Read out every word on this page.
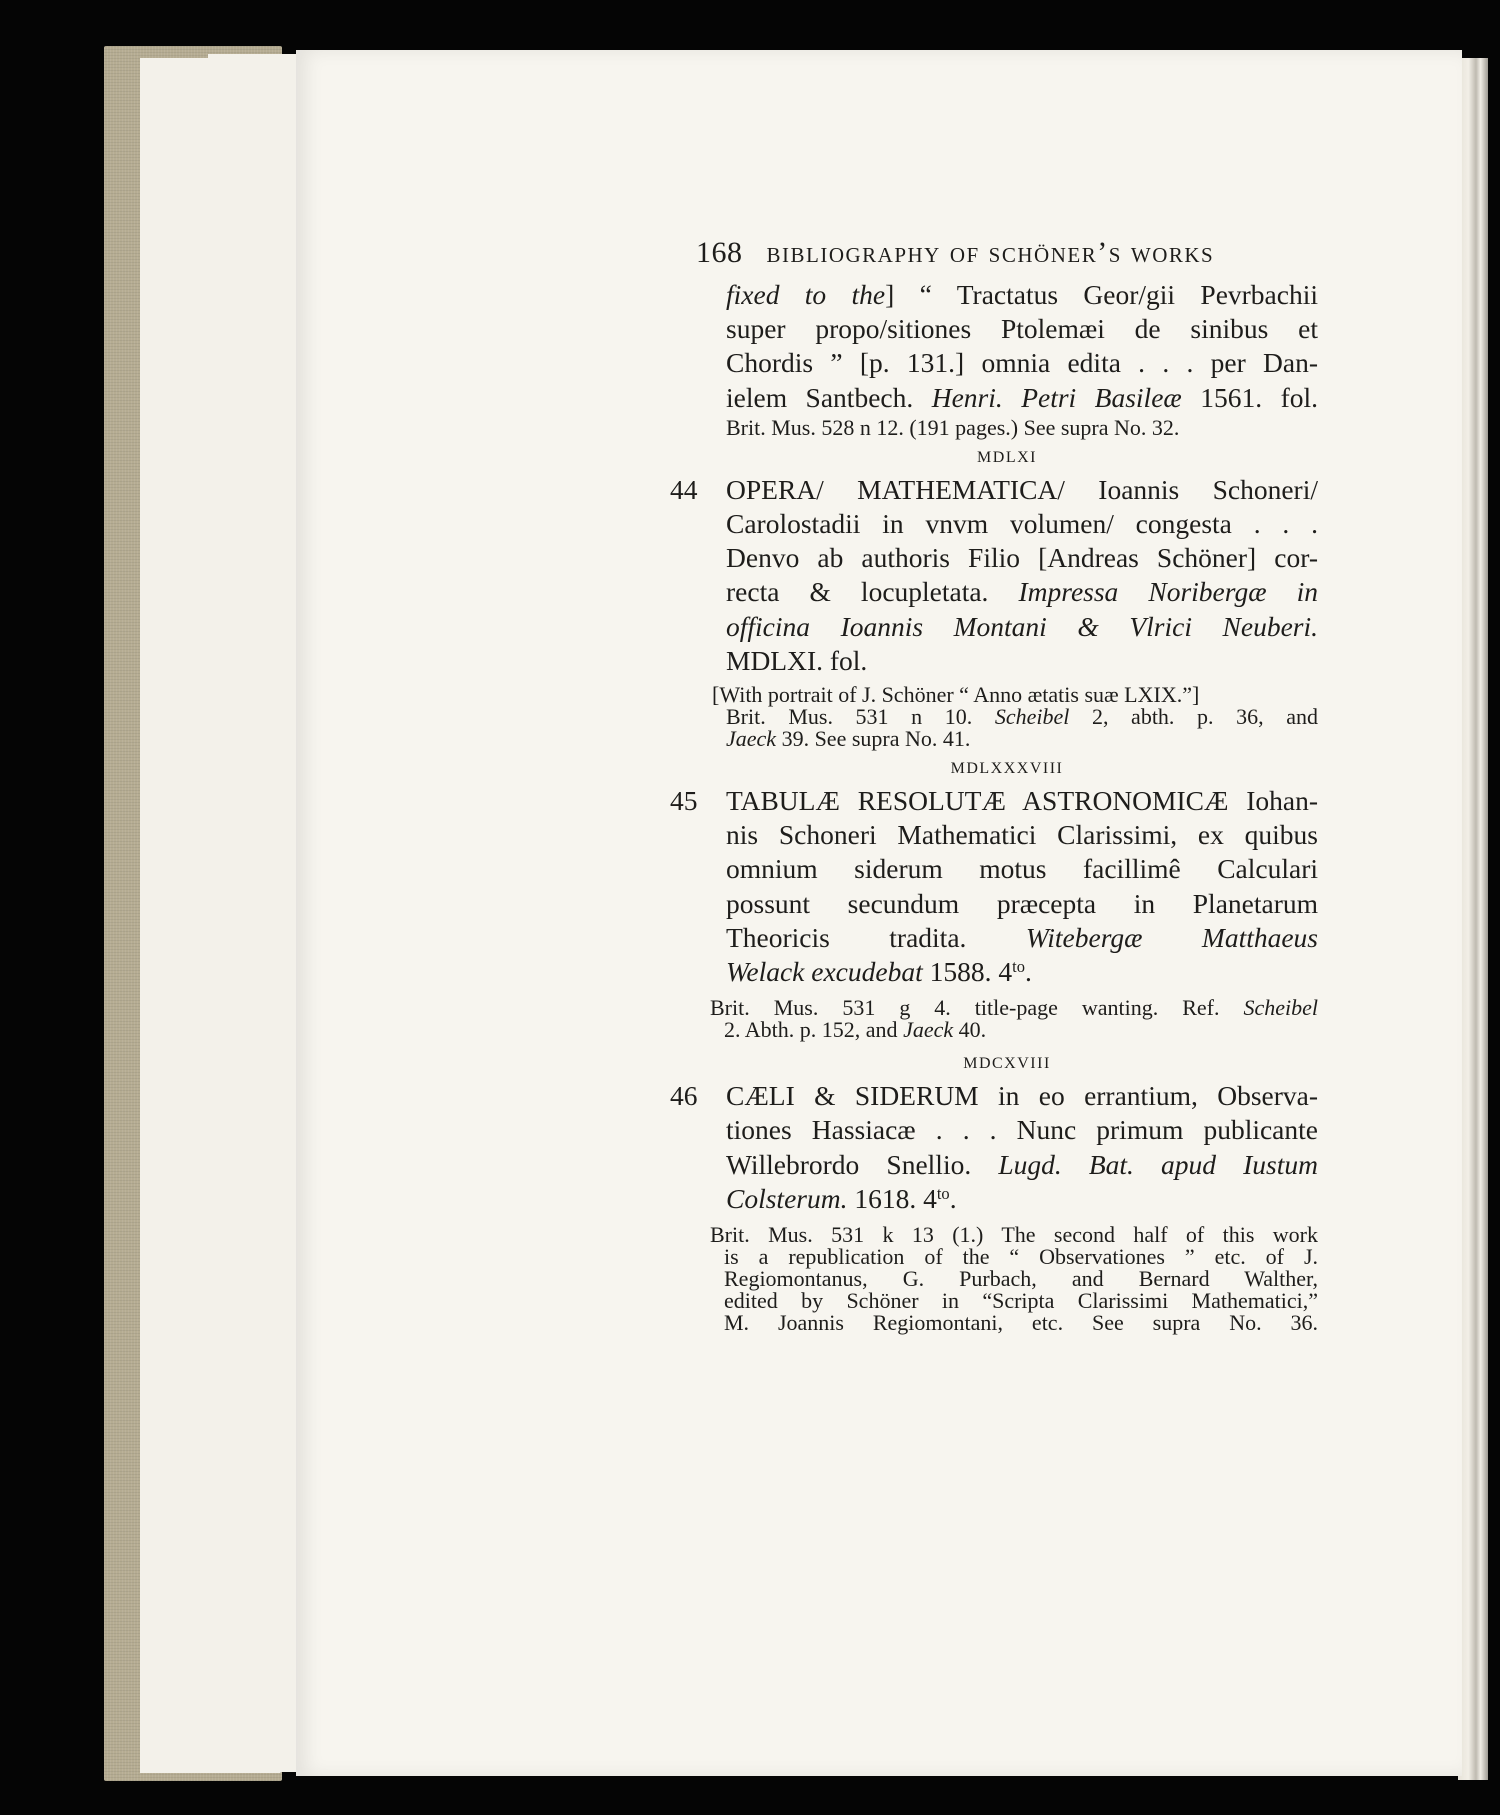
168 bibliography of schöner’s works
fixed to the] “ Tractatus Geor/gii Pevrbachii
super propo/sitiones Ptolemæi de sinibus et
Chordis ” [p. 131.] omnia edita . . . per Dan-
ielem Santbech. Henri. Petri Basileæ 1561. fol.
Brit. Mus. 528 n 12. (191 pages.) See supra No. 32.
MDLXI
44 OPERA/ MATHEMATICA/ Ioannis Schoneri/
Carolostadii in vnvm volumen/ congesta . . .
Denvo ab authoris Filio [Andreas Schöner] cor-
recta & locupletata. Impressa Noribergæ in
officina Ioannis Montani & Vlrici Neuberi.
MDLXI. fol.
[With portrait of J. Schöner “ Anno ætatis suæ LXIX.”]
Brit. Mus. 531 n 10. Scheibel 2, abth. p. 36, and
Jaeck 39. See supra No. 41.
MDLXXXVIII
45 TABULÆ RESOLUTÆ ASTRONOMICÆ Iohan-
nis Schoneri Mathematici Clarissimi, ex quibus
omnium siderum motus facillimê Calculari
possunt secundum præcepta in Planetarum
Theoricis tradita. Witebergæ Matthaeus
Welack excudebat 1588. $4^{to}$.
Brit. Mus. 531 g 4. title-page wanting. Ref. Scheibel
2. Abth. p. 152, and Jaeck 40.
MDCXVIII
46 CÆLI & SIDERUM in eo errantium, Observa-
tiones Hassiacæ . . . Nunc primum publicante
Willebrordo Snellio. Lugd. Bat. apud Iustum
Colsterum. 1618. $4^{to}$.
Brit. Mus. 531 k 13 (1.) The second half of this work
is a republication of the “ Observationes ” etc. of J.
Regiomontanus, G. Purbach, and Bernard Walther,
edited by Schöner in “Scripta Clarissimi Mathematici,”
M. Joannis Regiomontani, etc. See supra No. 36.
